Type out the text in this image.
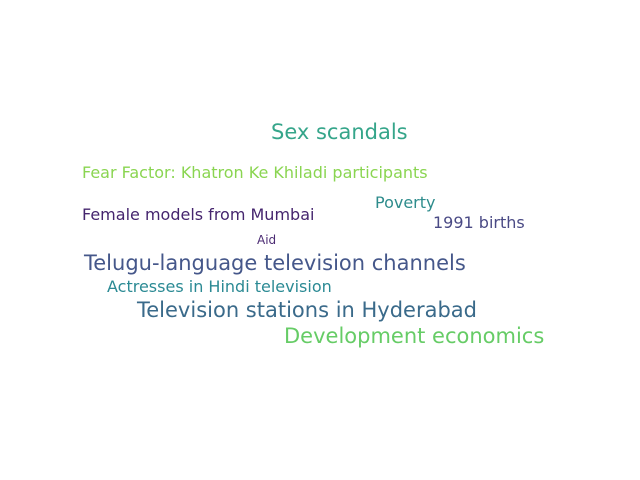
Sex scandals
Fear Factor: Khatron Ke Khiladi participants
Poverty
Female models from Mumbai	1991 births
Aid
Telugu-language television channels
Actresses in Hindi television
Television stations in Hyderabad
Development economics
